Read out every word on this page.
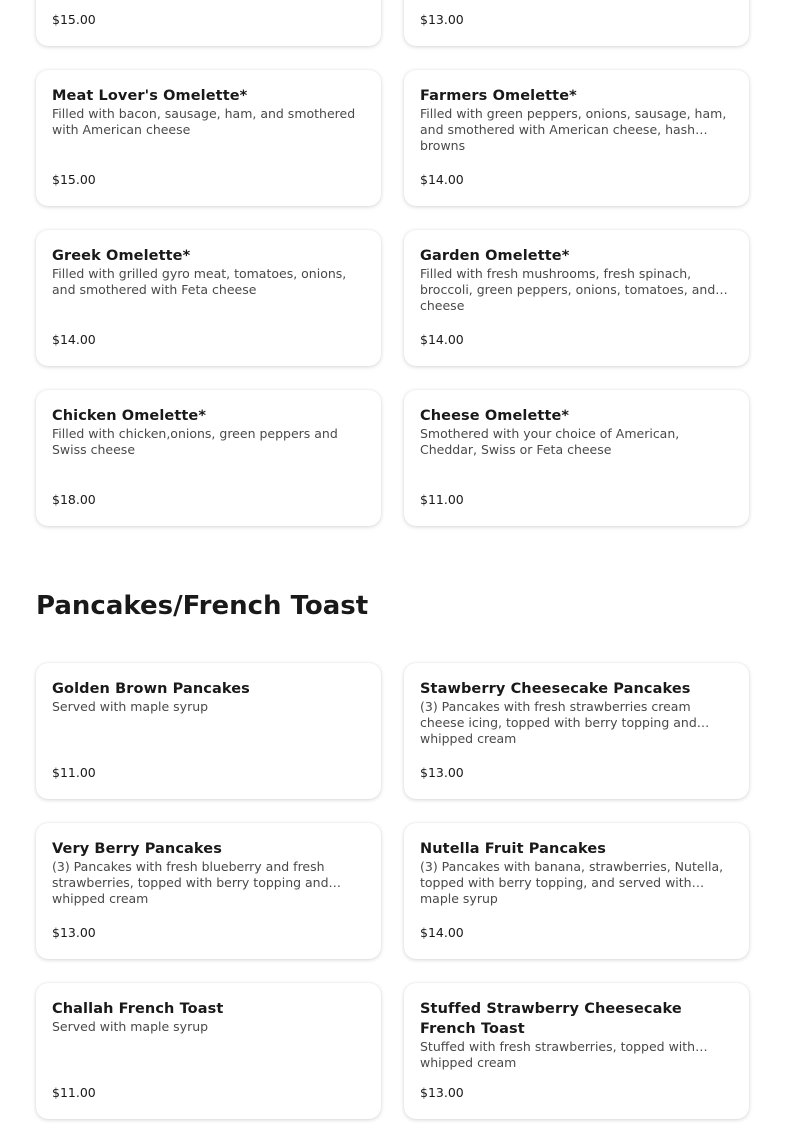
$15.00	$13.00
Meat Lover's Omelette*
Filled with bacon, sausage, ham, and smothered with American cheese
$15.00
Farmers Omelette*
Filled with green peppers, onions, sausage, ham, and smothered with American cheese, hash browns
$14.00
Greek Omelette*
Filled with grilled gyro meat, tomatoes, onions, and smothered with Feta cheese
$14.00
Garden Omelette*
Filled with fresh mushrooms, fresh spinach, broccoli, green peppers, onions, tomatoes, and cheese
$14.00
Chicken Omelette*
Filled with chicken,onions, green peppers and Swiss cheese
$18.00
Cheese Omelette*
Smothered with your choice of American, Cheddar, Swiss or Feta cheese
$11.00
Pancakes/French Toast
Golden Brown Pancakes
Served with maple syrup
$11.00
Stawberry Cheesecake Pancakes
(3) Pancakes with fresh strawberries cream cheese icing, topped with berry topping and whipped cream
$13.00
Very Berry Pancakes
(3) Pancakes with fresh blueberry and fresh strawberries, topped with berry topping and whipped cream
$13.00
Nutella Fruit Pancakes
(3) Pancakes with banana, strawberries, Nutella, topped with berry topping, and served with maple syrup
$14.00
Challah French Toast
Served with maple syrup
$11.00
Stuffed Strawberry Cheesecake French Toast
Stuffed with fresh strawberries, topped with whipped cream
$13.00
